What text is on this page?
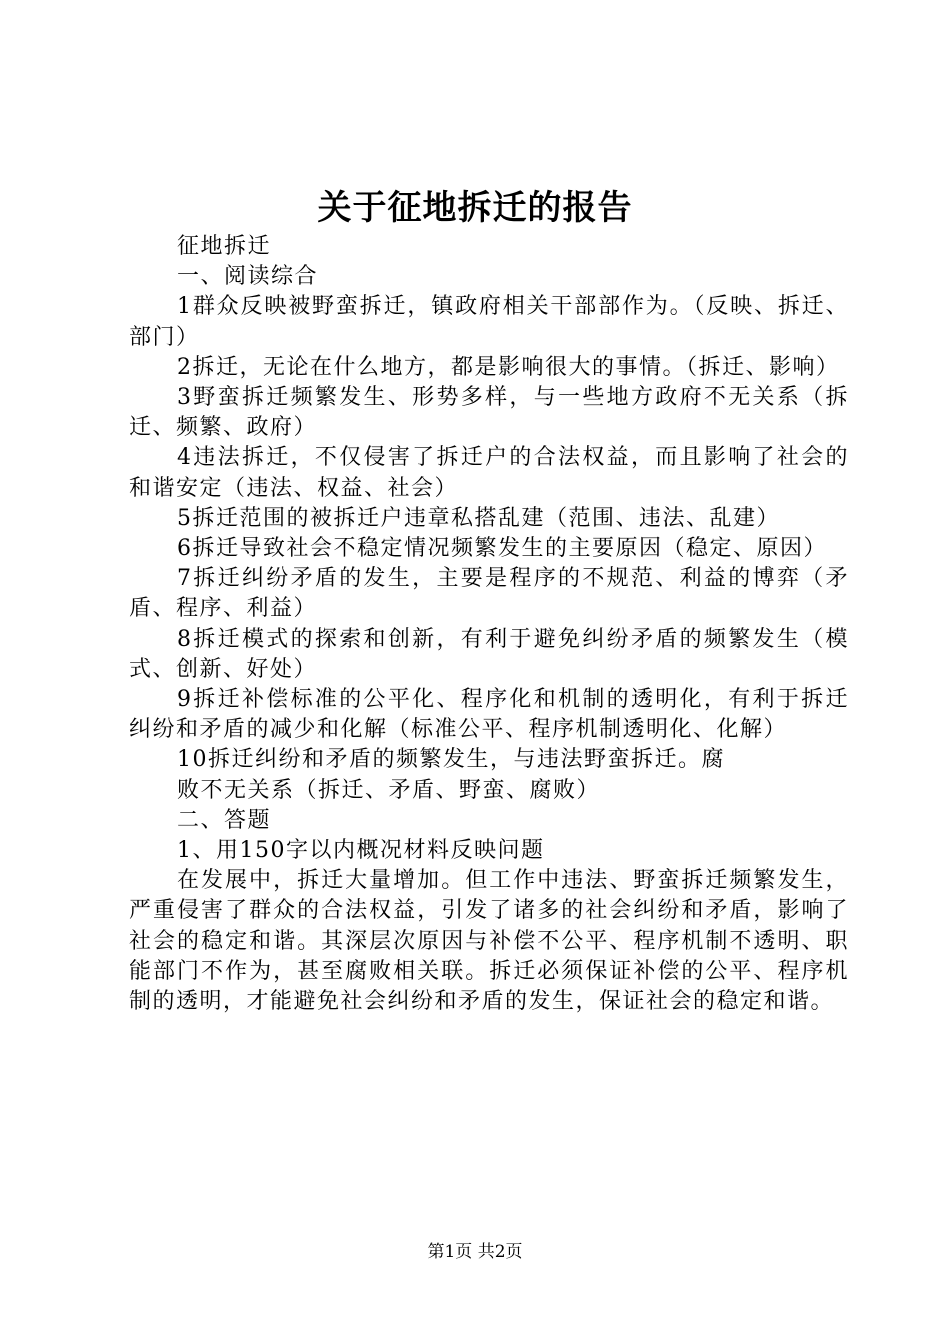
关于征地拆迁的报告

征地拆迁

一、阅读综合

1群众反映被野蛮拆迁，镇政府相关干部部作为。（反映、拆迁、部门）

2拆迁，无论在什么地方，都是影响很大的事情。（拆迁、影响）

3野蛮拆迁频繁发生、形势多样，与一些地方政府不无关系（拆迁、频繁、政府）

4违法拆迁，不仅侵害了拆迁户的合法权益，而且影响了社会的和谐安定（违法、权益、社会）

5拆迁范围的被拆迁户违章私搭乱建（范围、违法、乱建）

6拆迁导致社会不稳定情况频繁发生的主要原因（稳定、原因）

7拆迁纠纷矛盾的发生，主要是程序的不规范、利益的博弈（矛盾、程序、利益）

8拆迁模式的探索和创新，有利于避免纠纷矛盾的频繁发生（模式、创新、好处）

9拆迁补偿标准的公平化、程序化和机制的透明化，有利于拆迁纠纷和矛盾的减少和化解（标准公平、程序机制透明化、化解）

10拆迁纠纷和矛盾的频繁发生，与违法野蛮拆迁。腐

败不无关系（拆迁、矛盾、野蛮、腐败）

二、答题

1、用150字以内概况材料反映问题

在发展中，拆迁大量增加。但工作中违法、野蛮拆迁频繁发生，严重侵害了群众的合法权益，引发了诸多的社会纠纷和矛盾，影响了社会的稳定和谐。其深层次原因与补偿不公平、程序机制不透明、职能部门不作为，甚至腐败相关联。拆迁必须保证补偿的公平、程序机制的透明，才能避免社会纠纷和矛盾的发生，保证社会的稳定和谐。

第1页 共2页
